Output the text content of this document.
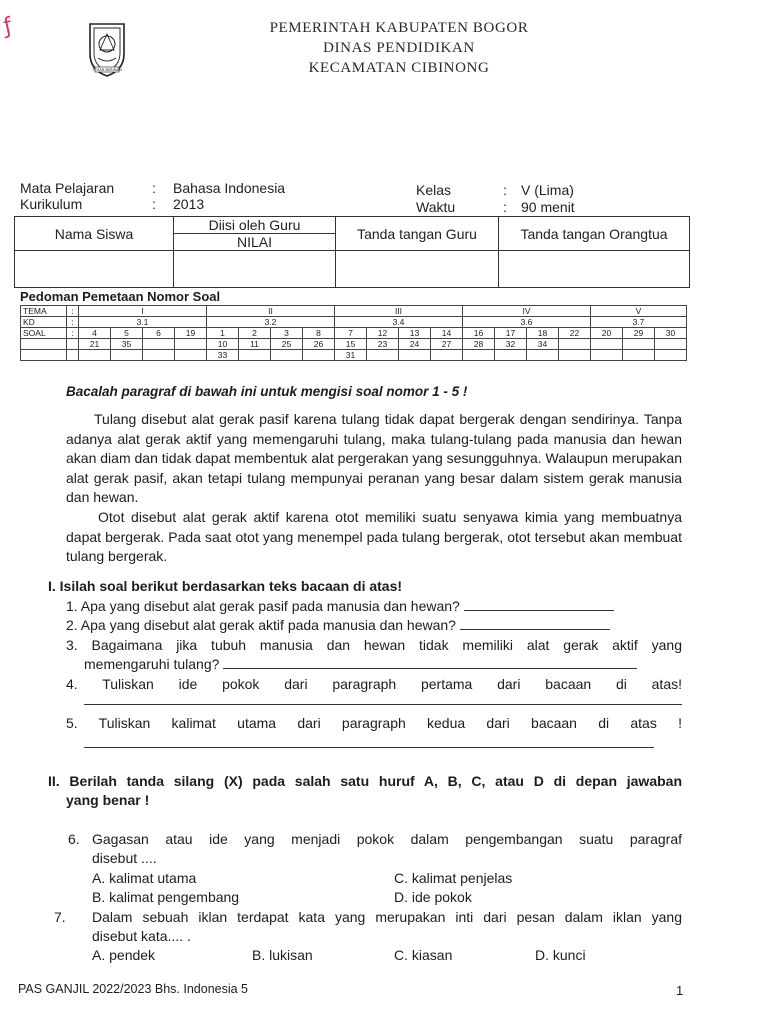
ƒ
TEGAR BERIMAN
PEMERINTAH KABUPATEN BOGOR
DINAS PENDIDIKAN
KECAMATAN CIBINONG
Mata Pelajaran	: Bahasa Indonesia
Kurikulum	: 2013
Kelas	: V (Lima)
Waktu	: 90 menit
Nama Siswa	Diisi oleh Guru	Tanda tangan Guru	Tanda tangan Orangtua
	NILAI		

Pedoman Pemetaan Nomor Soal
TEMA	:	I				II				III				IV				V		
KD	:	3.1				3.2				3.4				3.6				3.7		
SOAL	:	4	5	6	19	1	2	3	8	7	12	13	14	16	17	18	22	20	29	30
		21	35			10	11	25	26	15	23	24	27	28	32	34				
						33				31										
Bacalah paragraf di bawah ini untuk mengisi soal nomor 1 - 5 !

Tulang disebut alat gerak pasif karena tulang tidak dapat bergerak dengan sendirinya. Tanpa adanya alat gerak aktif yang memengaruhi tulang, maka tulang-tulang pada manusia dan hewan akan diam dan tidak dapat membentuk alat pergerakan yang sesungguhnya. Walaupun merupakan alat gerak pasif, akan tetapi tulang mempunyai peranan yang besar dalam sistem gerak manusia dan hewan.

Otot disebut alat gerak aktif karena otot memiliki suatu senyawa kimia yang membuatnya dapat bergerak. Pada saat otot yang menempel pada tulang bergerak, otot tersebut akan membuat tulang bergerak.

I. Isilah soal berikut berdasarkan teks bacaan di atas!
1. Apa yang disebut alat gerak pasif pada manusia dan hewan?
2. Apa yang disebut alat gerak aktif pada manusia dan hewan?
3. Bagaimana jika tubuh manusia dan hewan tidak memiliki alat gerak aktif yang
memengaruhi tulang?
4. Tuliskan ide pokok dari paragraph pertama dari bacaan di atas!
5. Tuliskan kalimat utama dari paragraph kedua dari bacaan di atas !
II. Berilah tanda silang (X) pada salah satu huruf A, B, C, atau D di depan jawaban
yang benar !
6. Gagasan atau ide yang menjadi pokok dalam pengembangan suatu paragraf
disebut ....
A. kalimat utama	C. kalimat penjelas
B. kalimat pengembang	D. ide pokok
7. Dalam sebuah iklan terdapat kata yang merupakan inti dari pesan dalam iklan yang
disebut kata.... .
A. pendek	B. lukisan	C. kiasan	D. kunci
PAS GANJIL 2022/2023 Bhs. Indonesia 5	1
